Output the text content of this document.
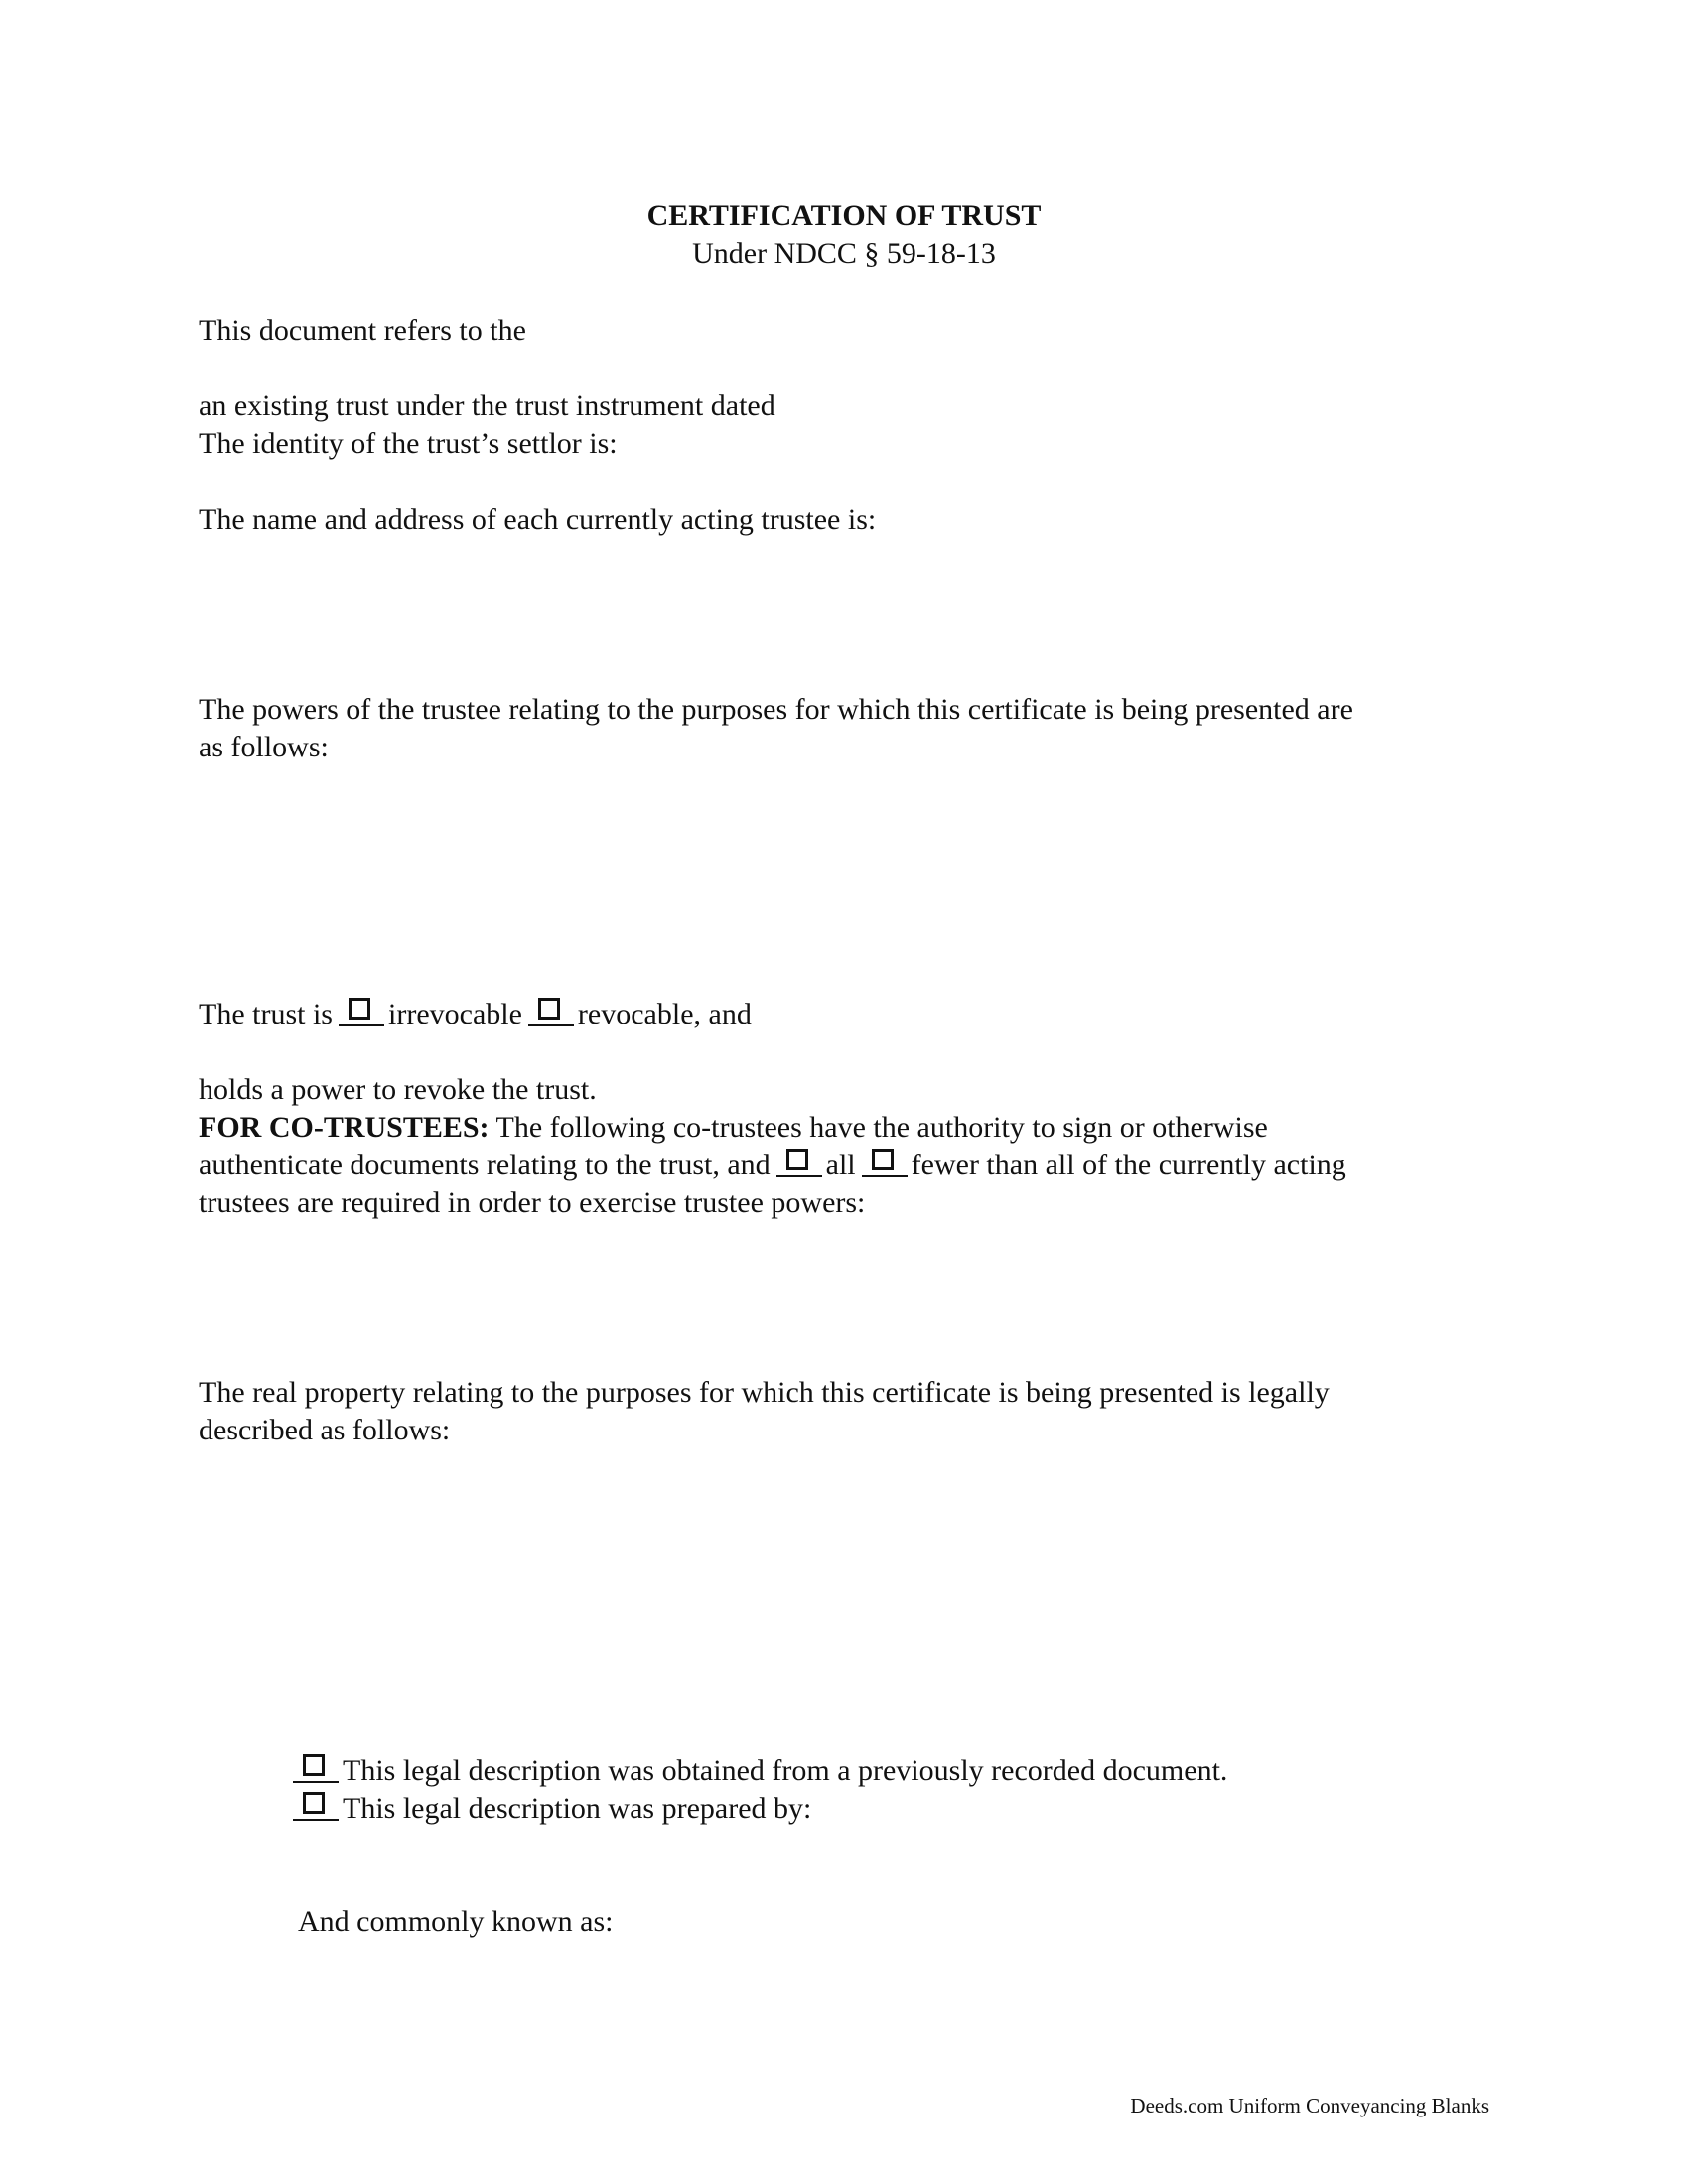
CERTIFICATION OF TRUST
Under NDCC § 59-18-13
This document refers to the
an existing trust under the trust instrument dated
The identity of the trust’s settlor is:
The name and address of each currently acting trustee is:
The powers of the trustee relating to the purposes for which this certificate is being presented are
as follows:
The trust is irrevocable revocable, and
holds a power to revoke the trust.
FOR CO-TRUSTEES: The following co-trustees have the authority to sign or otherwise
authenticate documents relating to the trust, and all fewer than all of the currently acting
trustees are required in order to exercise trustee powers:
The real property relating to the purposes for which this certificate is being presented is legally
described as follows:
This legal description was obtained from a previously recorded document.
This legal description was prepared by:
And commonly known as:
Deeds.com Uniform Conveyancing Blanks
